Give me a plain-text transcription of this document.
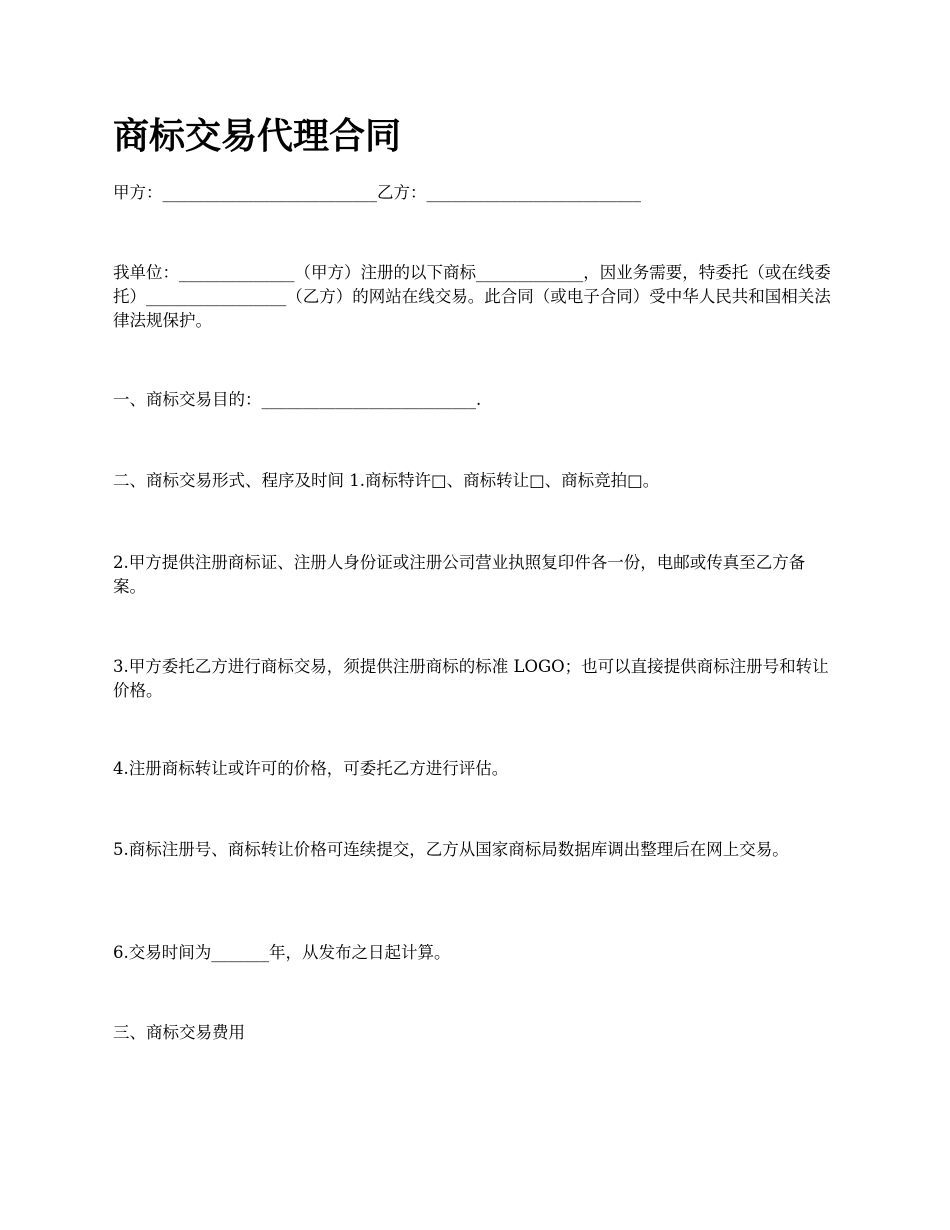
商标交易代理合同

甲方：__________________________乙方：__________________________

我单位：______________（甲方）注册的以下商标_____________，因业务需要，特委托（或在线委托）_________________（乙方）的网站在线交易。此合同（或电子合同）受中华人民共和国相关法律法规保护。

一、商标交易目的：__________________________.

二、商标交易形式、程序及时间 1.商标特许□、商标转让□、商标竞拍□。

2.甲方提供注册商标证、注册人身份证或注册公司营业执照复印件各一份，电邮或传真至乙方备案。

3.甲方委托乙方进行商标交易，须提供注册商标的标准 LOGO；也可以直接提供商标注册号和转让价格。

4.注册商标转让或许可的价格，可委托乙方进行评估。

5.商标注册号、商标转让价格可连续提交，乙方从国家商标局数据库调出整理后在网上交易。

6.交易时间为_______年，从发布之日起计算。

三、商标交易费用
